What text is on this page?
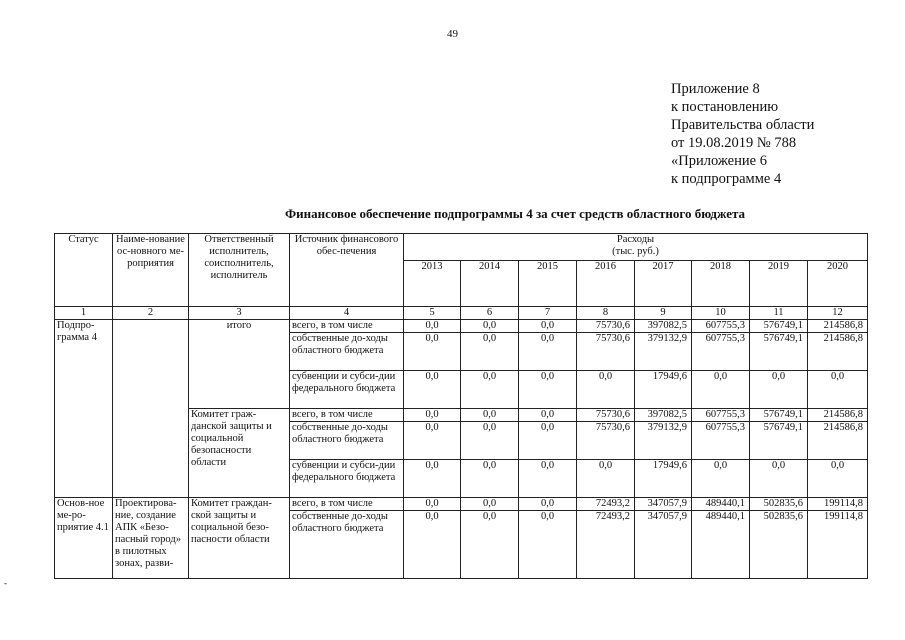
49
Приложение 8
к постановлению
Правительства области
от 19.08.2019 № 788
«Приложение 6
к подпрограмме 4
Финансовое обеспечение подпрограммы 4 за счет средств областного бюджета
-
Статус	Наиме-нование ос-новного ме-роприятия	Ответственный исполнитель, соисполнитель, исполнитель	Источник финансового обес-печения	Расходы
(тыс. руб.)							

				2013	2014	2015	2016	2017	2018	2019	2020
1	2	3	4	5	6	7	8	9	10	11	12
Подпро-грамма 4		итого	всего, в том числе	0,0	0,0	0,0	75730,6	397082,5	607755,3	576749,1	214586,8
			собственные до-ходы областного бюджета	0,0	0,0	0,0	75730,6	379132,9	607755,3	576749,1	214586,8
			субвенции и субси-дии федерального бюджета	0,0	0,0	0,0	0,0	17949,6	0,0	0,0	0,0
		Комитет граж-данской защиты и социальной безопасности области	всего, в том числе	0,0	0,0	0,0	75730,6	397082,5	607755,3	576749,1	214586,8
			собственные до-ходы областного бюджета	0,0	0,0	0,0	75730,6	379132,9	607755,3	576749,1	214586,8
			субвенции и субси-дии федерального бюджета	0,0	0,0	0,0	0,0	17949,6	0,0	0,0	0,0
Основ-ное ме-ро-приятие 4.1	Проектирова-ние, создание АПК «Безо-пасный город» в пилотных зонах, разви-	Комитет граждан-ской защиты и социальной безо-пасности области	всего, в том числе	0,0	0,0	0,0	72493,2	347057,9	489440,1	502835,6	199114,8
			собственные до-ходы областного бюджета	0,0	0,0	0,0	72493,2	347057,9	489440,1	502835,6	199114,8
